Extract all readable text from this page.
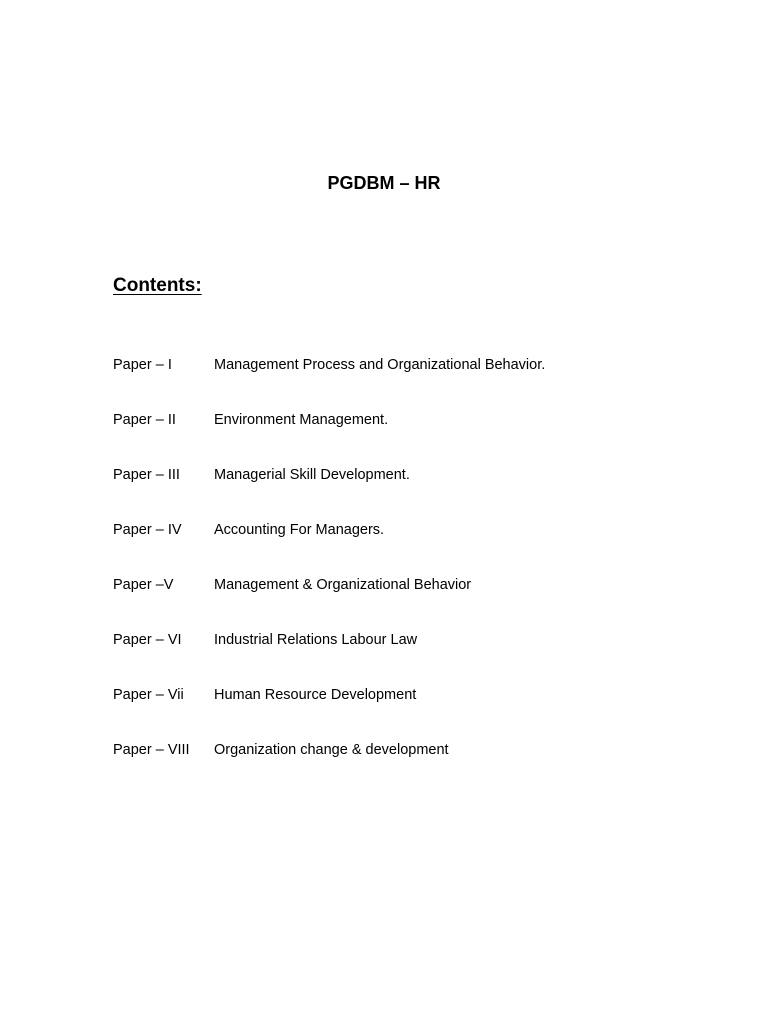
PGDBM – HR
Contents:
Paper – I	Management Process and Organizational Behavior.
Paper – II	Environment Management.
Paper – III	Managerial Skill Development.
Paper – IV	Accounting For Managers.
Paper –V	Management & Organizational Behavior
Paper – VI	Industrial Relations Labour Law
Paper – Vii	Human Resource Development
Paper – VIII	Organization change & development
